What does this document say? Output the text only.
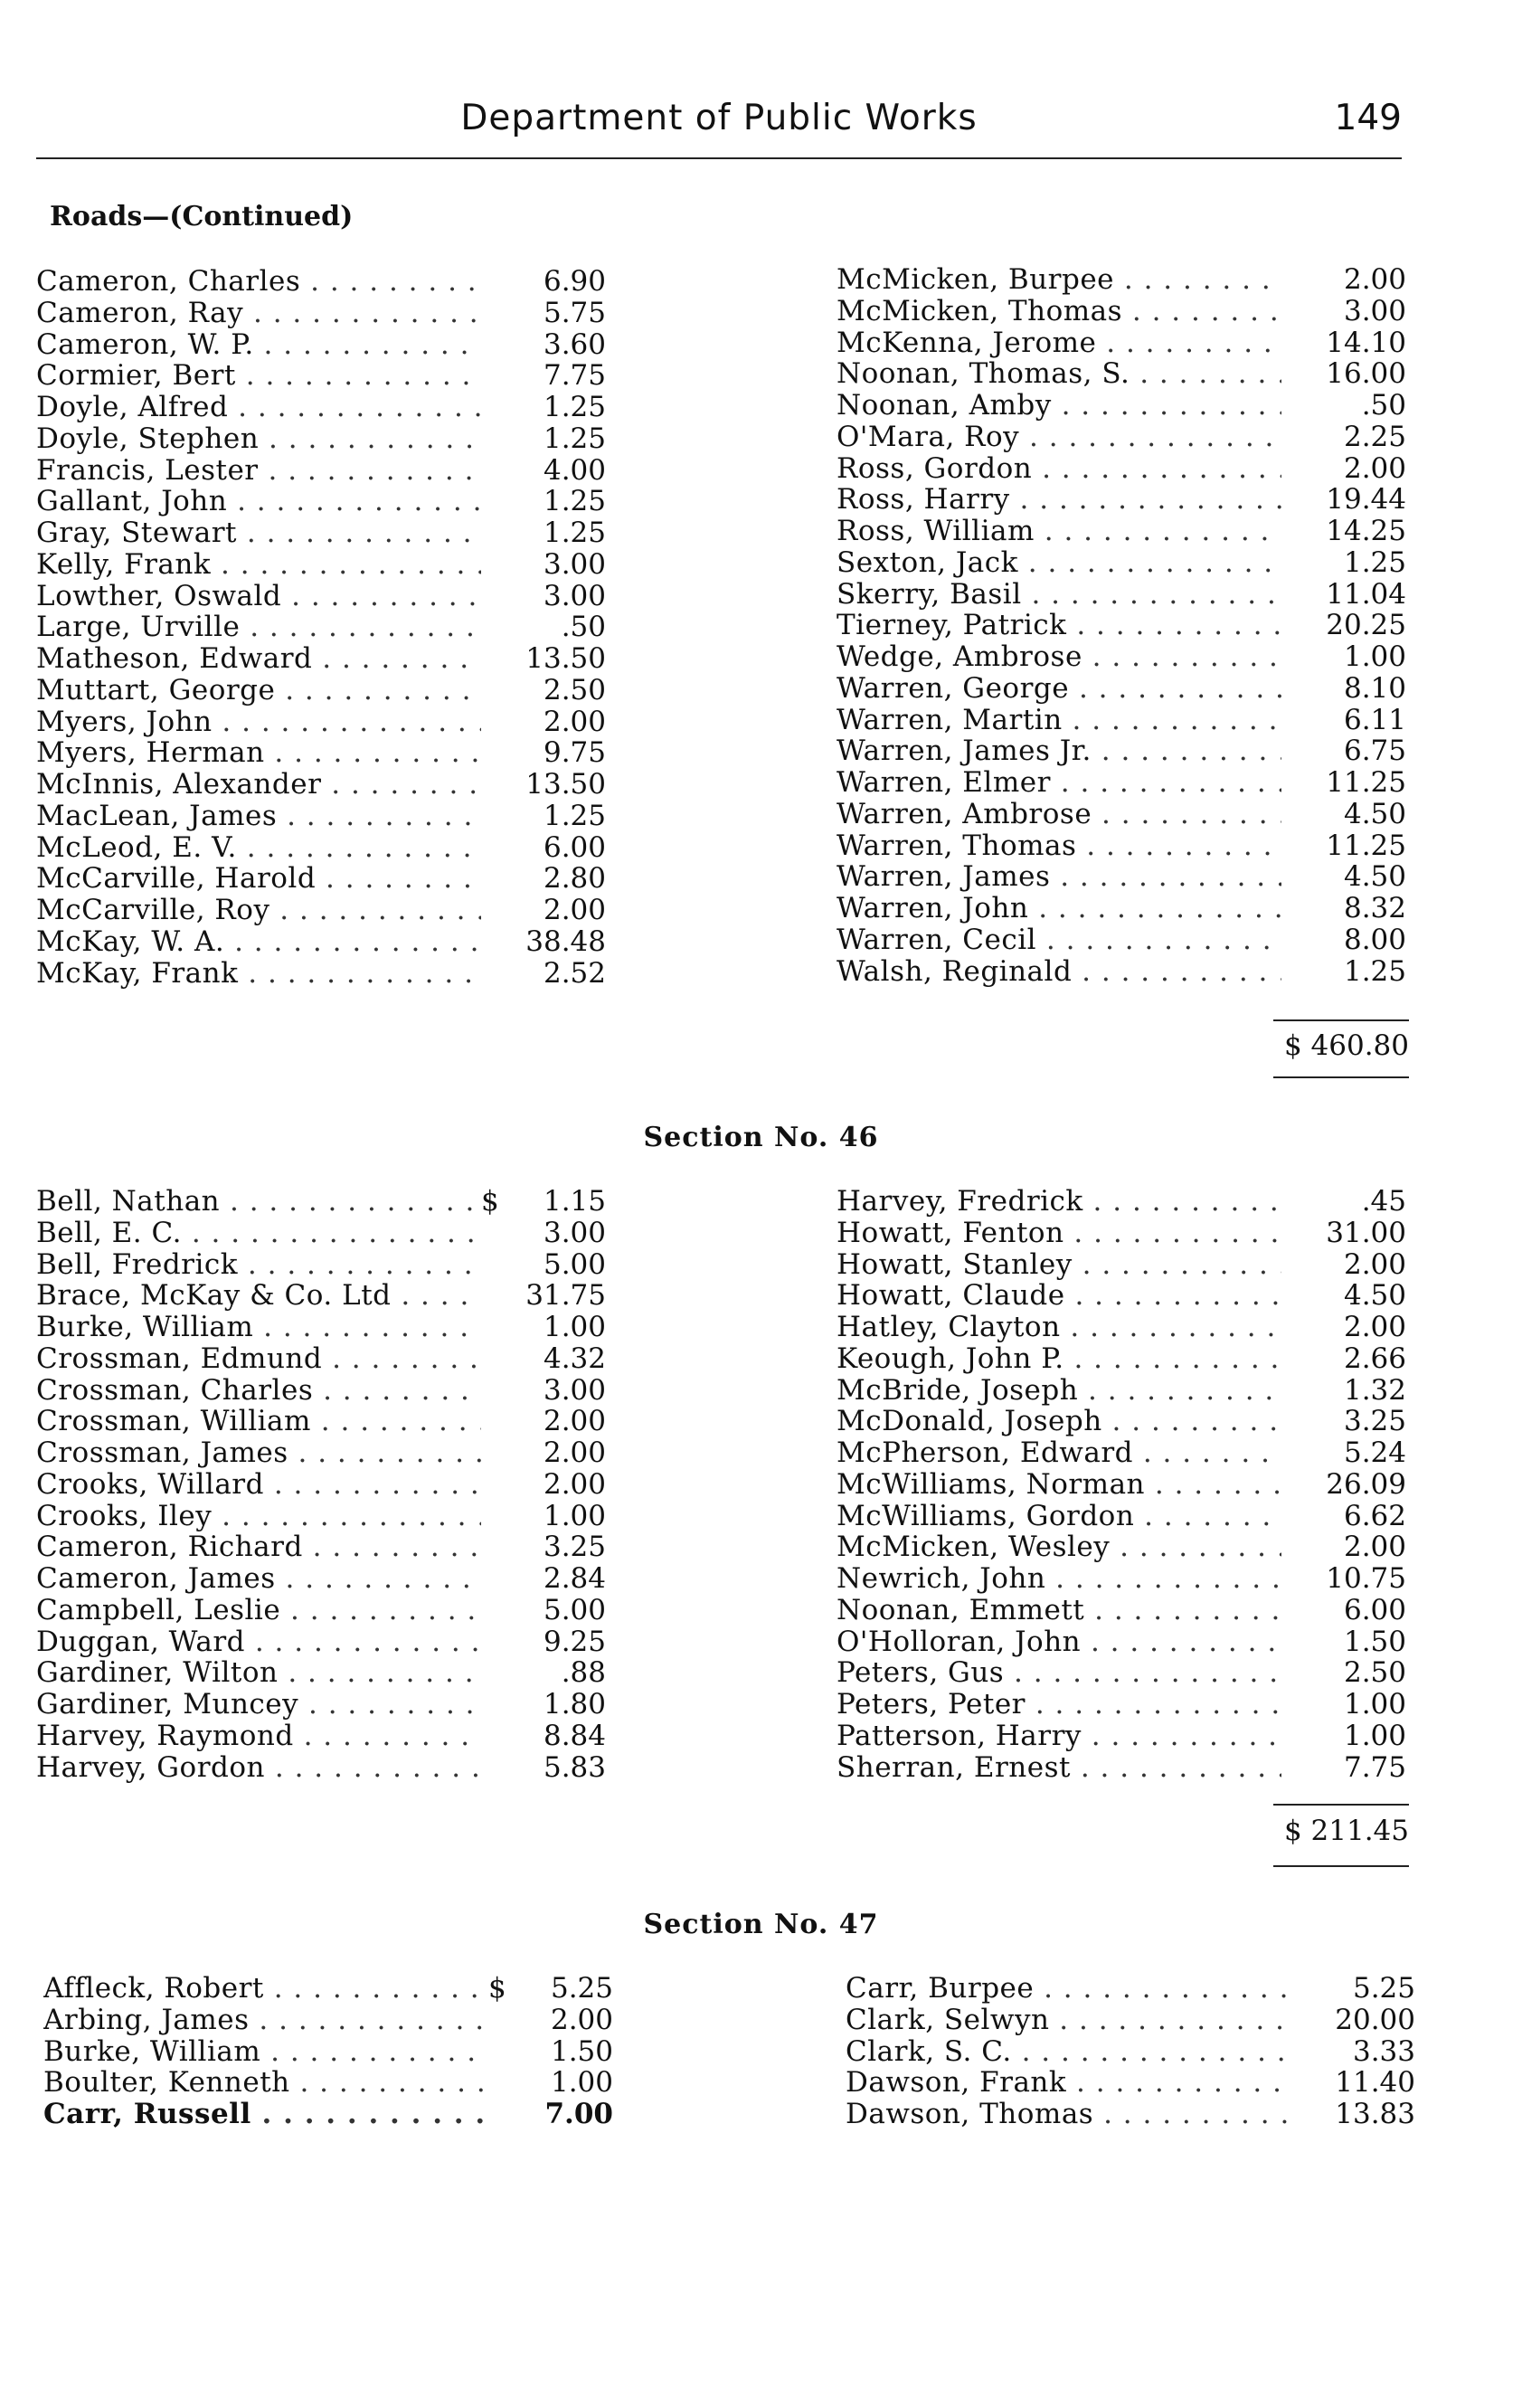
Department of Public Works	149
Roads—(Continued)
Cameron, Charles . . .	6.90
Cameron, Ray . . .	5.75
Cameron, W. P. . . .	3.60
Cormier, Bert . . .	7.75
Doyle, Alfred . . .	1.25
Doyle, Stephen . . .	1.25
Francis, Lester . . .	4.00
Gallant, John . . .	1.25
Gray, Stewart . . .	1.25
Kelly, Frank . . .	3.00
Lowther, Oswald . . .	3.00
Large, Urville . . .	.50
Matheson, Edward . . .	13.50
Muttart, George . . .	2.50
Myers, John . . .	2.00
Myers, Herman . . .	9.75
McInnis, Alexander . . .	13.50
MacLean, James . . .	1.25
McLeod, E. V. . . .	6.00
McCarville, Harold . . .	2.80
McCarville, Roy . . .	2.00
McKay, W. A. . . .	38.48
McKay, Frank . . .	2.52
McMicken, Burpee . . .	2.00
McMicken, Thomas . . .	3.00
McKenna, Jerome . . .	14.10
Noonan, Thomas, S. . . .	16.00
Noonan, Amby . . .	.50
O'Mara, Roy . . .	2.25
Ross, Gordon . . .	2.00
Ross, Harry . . .	19.44
Ross, William . . .	14.25
Sexton, Jack . . .	1.25
Skerry, Basil . . .	11.04
Tierney, Patrick . . .	20.25
Wedge, Ambrose . . .	1.00
Warren, George . . .	8.10
Warren, Martin . . .	6.11
Warren, James Jr. . . .	6.75
Warren, Elmer . . .	11.25
Warren, Ambrose . . .	4.50
Warren, Thomas . . .	11.25
Warren, James . . .	4.50
Warren, John . . .	8.32
Warren, Cecil . . .	8.00
Walsh, Reginald . . .	1.25
$ 460.80
Section No. 46
Bell, Nathan . . .	$	1.15
Bell, E. C. . . .	3.00
Bell, Fredrick . . .	5.00
Brace, McKay & Co. Ltd . . .	31.75
Burke, William . . .	1.00
Crossman, Edmund . . .	4.32
Crossman, Charles . . .	3.00
Crossman, William . . .	2.00
Crossman, James . . .	2.00
Crooks, Willard . . .	2.00
Crooks, Iley . . .	1.00
Cameron, Richard . . .	3.25
Cameron, James . . .	2.84
Campbell, Leslie . . .	5.00
Duggan, Ward . . .	9.25
Gardiner, Wilton . . .	.88
Gardiner, Muncey . . .	1.80
Harvey, Raymond . . .	8.84
Harvey, Gordon . . .	5.83
Harvey, Fredrick . . .	.45
Howatt, Fenton . . .	31.00
Howatt, Stanley . . .	2.00
Howatt, Claude . . .	4.50
Hatley, Clayton . . .	2.00
Keough, John P. . . .	2.66
McBride, Joseph . . .	1.32
McDonald, Joseph . . .	3.25
McPherson, Edward . . .	5.24
McWilliams, Norman . . .	26.09
McWilliams, Gordon . . .	6.62
McMicken, Wesley . . .	2.00
Newrich, John . . .	10.75
Noonan, Emmett . . .	6.00
O'Holloran, John . . .	1.50
Peters, Gus . . .	2.50
Peters, Peter . . .	1.00
Patterson, Harry . . .	1.00
Sherran, Ernest . . .	7.75
$ 211.45
Section No. 47
Affleck, Robert . . .	$	5.25
Arbing, James . . .	2.00
Burke, William . . .	1.50
Boulter, Kenneth . . .	1.00
Carr, Russell . . .	7.00
Carr, Burpee . . .	5.25
Clark, Selwyn . . .	20.00
Clark, S. C. . . .	3.33
Dawson, Frank . . .	11.40
Dawson, Thomas . . .	13.83
